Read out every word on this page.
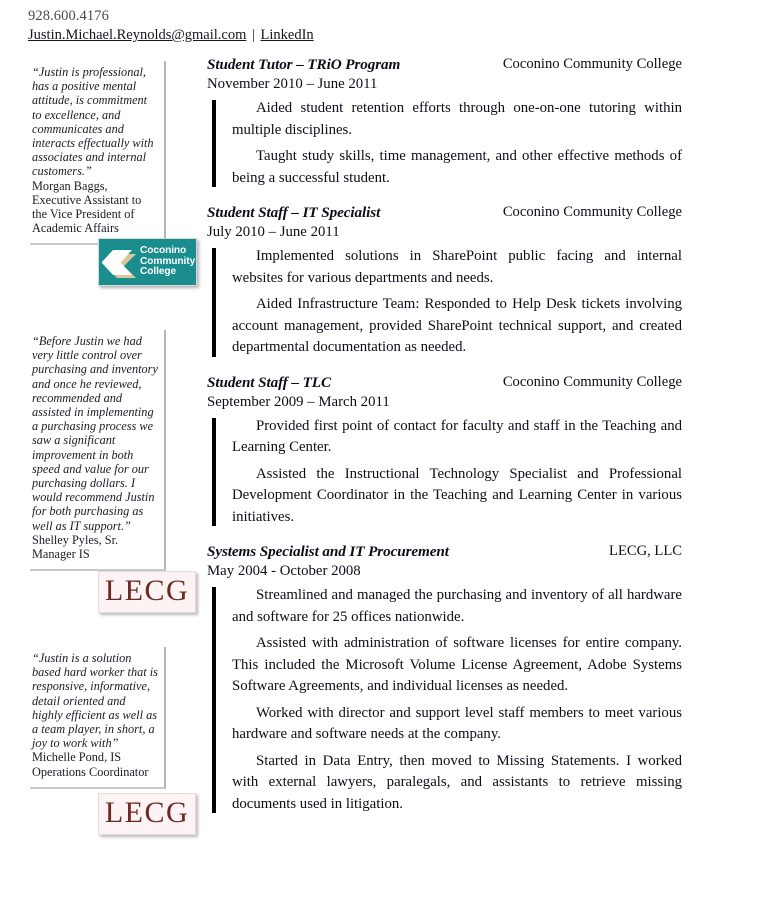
928.600.4176
Justin.Michael.Reynolds@gmail.com | LinkedIn
“Justin is professional, has a positive mental attitude, is commitment to excellence, and communicates and interacts effectually with associates and internal customers.”
Morgan Baggs, Executive Assistant to the Vice President of Academic Affairs
Coconino
Community
College
“Before Justin we had very little control over purchasing and inventory and once he reviewed, recommended and assisted in implementing a purchasing process we saw a significant improvement in both speed and value for our purchasing dollars. I would recommend Justin for both purchasing as well as IT support.”
Shelley Pyles, Sr. Manager IS
LECG
“Justin is a solution based hard worker that is responsive, informative, detail oriented and highly efficient as well as a team player, in short, a joy to work with”
Michelle Pond, IS Operations Coordinator
LECG
Student Tutor – TRiO Program	Coconino Community College
November 2010 – June 2011
Aided student retention efforts through one-on-one tutoring within multiple disciplines.
Taught study skills, time management, and other effective methods of being a successful student.
Student Staff – IT Specialist	Coconino Community College
July 2010 – June 2011
Implemented solutions in SharePoint public facing and internal websites for various departments and needs.
Aided Infrastructure Team: Responded to Help Desk tickets involving account management, provided SharePoint technical support, and created departmental documentation as needed.
Student Staff – TLC	Coconino Community College
September 2009 – March 2011
Provided first point of contact for faculty and staff in the Teaching and Learning Center.
Assisted the Instructional Technology Specialist and Professional Development Coordinator in the Teaching and Learning Center in various initiatives.
Systems Specialist and IT Procurement	LECG, LLC
May 2004 - October 2008
Streamlined and managed the purchasing and inventory of all hardware and software for 25 offices nationwide.
Assisted with administration of software licenses for entire company. This included the Microsoft Volume License Agreement, Adobe Systems Software Agreements, and individual licenses as needed.
Worked with director and support level staff members to meet various hardware and software needs at the company.
Started in Data Entry, then moved to Missing Statements. I worked with external lawyers, paralegals, and assistants to retrieve missing documents used in litigation.
